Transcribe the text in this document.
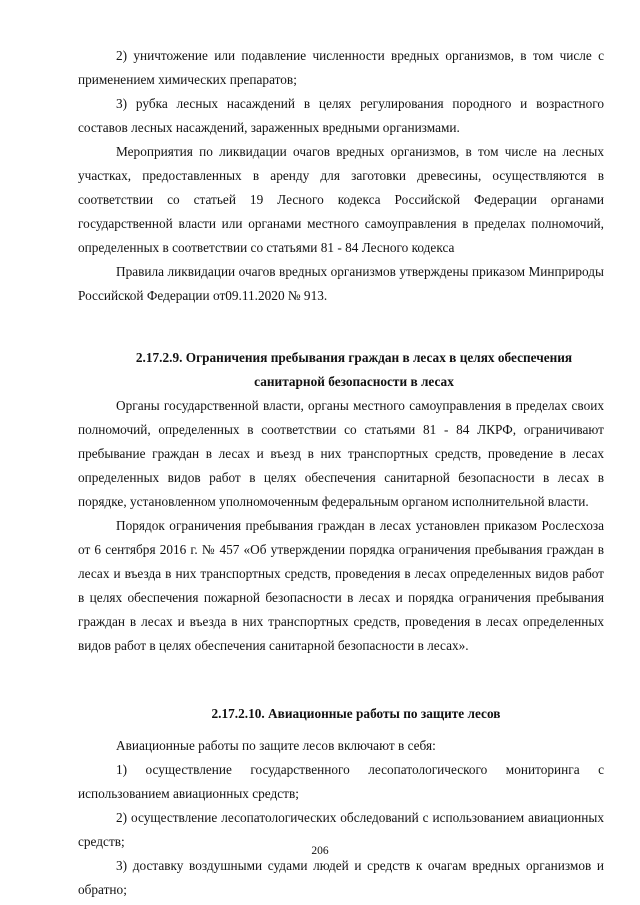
2) уничтожение или подавление численности вредных организмов, в том числе с применением химических препаратов;

3) рубка лесных насаждений в целях регулирования породного и возрастного составов лесных насаждений, зараженных вредными организмами.

Мероприятия по ликвидации очагов вредных организмов, в том числе на лесных участках, предоставленных в аренду для заготовки древесины, осуществляются в соответствии со статьей 19 Лесного кодекса Российской Федерации органами государственной власти или органами местного самоуправления в пределах полномочий, определенных в соответствии со статьями 81 - 84 Лесного кодекса

Правила ликвидации очагов вредных организмов утверждены приказом Минприроды Российской Федерации от09.11.2020 № 913.

2.17.2.9. Ограничения пребывания граждан в лесах в целях обеспечения санитарной безопасности в лесах

Органы государственной власти, органы местного самоуправления в пределах своих полномочий, определенных в соответствии со статьями 81 - 84 ЛКРФ, ограничивают пребывание граждан в лесах и въезд в них транспортных средств, проведение в лесах определенных видов работ в целях обеспечения санитарной безопасности в лесах в порядке, установленном уполномоченным федеральным органом исполнительной власти.

Порядок ограничения пребывания граждан в лесах установлен приказом Рослесхоза от 6 сентября 2016 г. № 457 «Об утверждении порядка ограничения пребывания граждан в лесах и въезда в них транспортных средств, проведения в лесах определенных видов работ в целях обеспечения пожарной безопасности в лесах и порядка ограничения пребывания граждан в лесах и въезда в них транспортных средств, проведения в лесах определенных видов работ в целях обеспечения санитарной безопасности в лесах».

2.17.2.10. Авиационные работы по защите лесов

Авиационные работы по защите лесов включают в себя:

1) осуществление государственного лесопатологического мониторинга с использованием авиационных средств;

2) осуществление лесопатологических обследований с использованием авиационных средств;

3) доставку воздушными судами людей и средств к очагам вредных организмов и обратно;

206
